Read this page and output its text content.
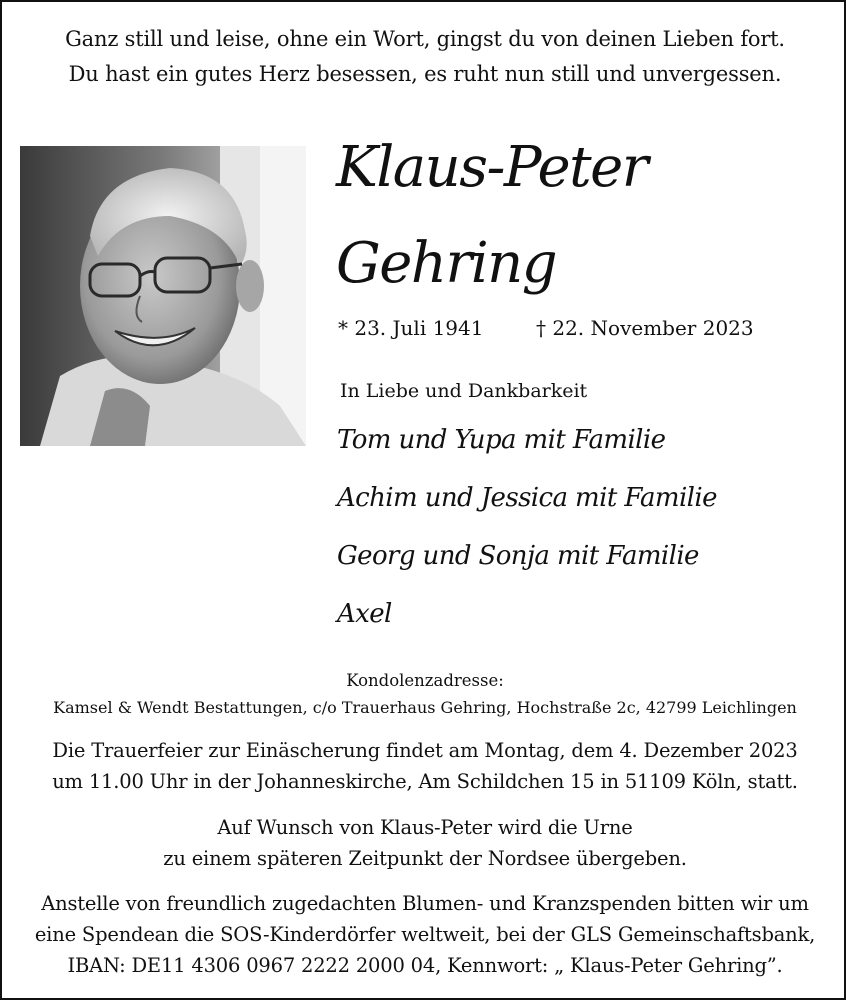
Ganz still und leise, ohne ein Wort, gingst du von deinen Lieben fort.
Du hast ein gutes Herz besessen, es ruht nun still und unvergessen.
Klaus-Peter
Gehring
* 23. Juli 1941	† 22. November 2023
In Liebe und Dankbarkeit
Tom und Yupa mit Familie
Achim und Jessica mit Familie
Georg und Sonja mit Familie
Axel
Kondolenzadresse:
Kamsel & Wendt Bestattungen, c/o Trauerhaus Gehring, Hochstraße 2c, 42799 Leichlingen
Die Trauerfeier zur Einäscherung findet am Montag, dem 4. Dezember 2023
um 11.00 Uhr in der Johanneskirche, Am Schildchen 15 in 51109 Köln, statt.
Auf Wunsch von Klaus-Peter wird die Urne
zu einem späteren Zeitpunkt der Nordsee übergeben.
Anstelle von freundlich zugedachten Blumen- und Kranzspenden bitten wir um
eine Spendean die SOS-Kinderdörfer weltweit, bei der GLS Gemeinschaftsbank,
IBAN: DE11 4306 0967 2222 2000 04, Kennwort: „ Klaus-Peter Gehring”.
